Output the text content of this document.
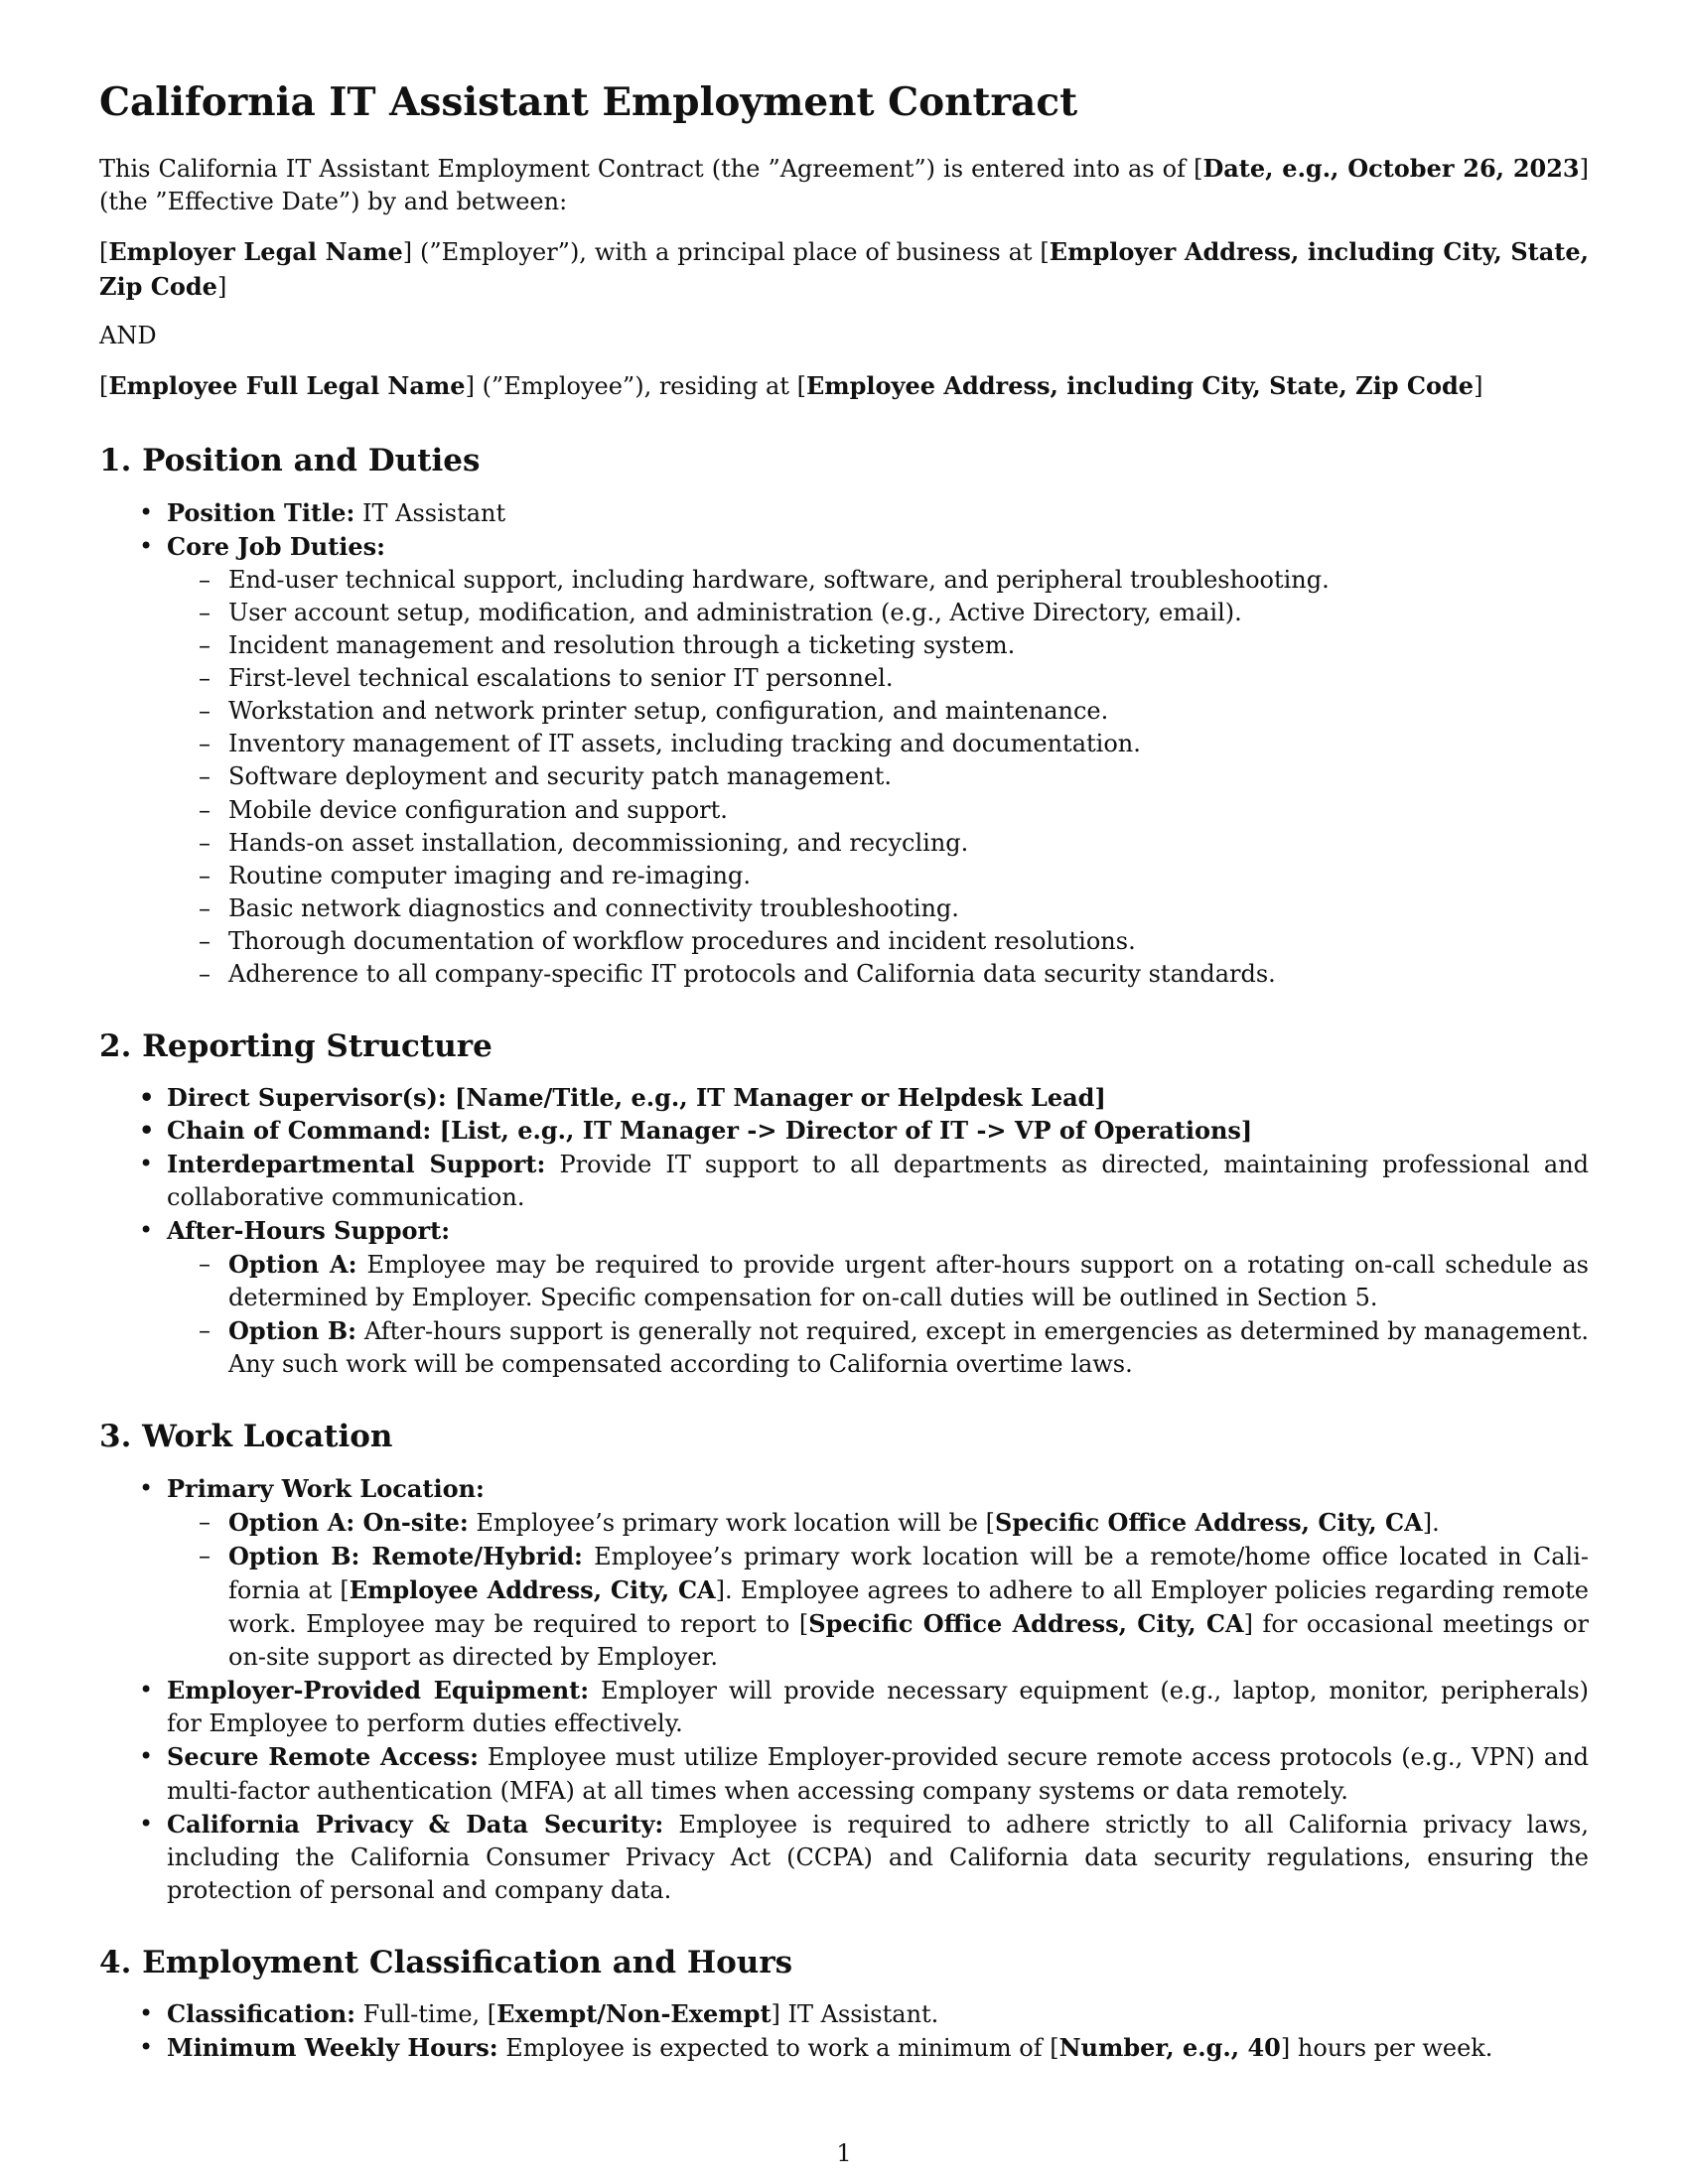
California IT Assistant Employment Contract

This California IT Assistant Employment Contract (the ”Agreement”) is entered into as of [Date, e.g., October 26, 2023] (the ”Effective Date”) by and between:

[Employer Legal Name] (”Employer”), with a principal place of business at [Employer Address, including City, State, Zip Code]

AND

[Employee Full Legal Name] (”Employee”), residing at [Employee Address, including City, State, Zip Code]

1. Position and Duties
• Position Title: IT Assistant
• Core Job Duties:
– End-user technical support, including hardware, software, and peripheral troubleshooting.
– User account setup, modification, and administration (e.g., Active Directory, email).
– Incident management and resolution through a ticketing system.
– First-level technical escalations to senior IT personnel.
– Workstation and network printer setup, configuration, and maintenance.
– Inventory management of IT assets, including tracking and documentation.
– Software deployment and security patch management.
– Mobile device configuration and support.
– Hands-on asset installation, decommissioning, and recycling.
– Routine computer imaging and re-imaging.
– Basic network diagnostics and connectivity troubleshooting.
– Thorough documentation of workflow procedures and incident resolutions.
– Adherence to all company-specific IT protocols and California data security standards.
2. Reporting Structure
• Direct Supervisor(s): [Name/Title, e.g., IT Manager or Helpdesk Lead]
• Chain of Command: [List, e.g., IT Manager -> Director of IT -> VP of Operations]
• Interdepartmental Support: Provide IT support to all departments as directed, maintaining professional and collaborative communication.
• After-Hours Support:
– Option A: Employee may be required to provide urgent after-hours support on a rotating on-call schedule as determined by Employer. Specific compensation for on-call duties will be outlined in Section 5.
– Option B: After-hours support is generally not required, except in emergencies as determined by management. Any such work will be compensated according to California overtime laws.
3. Work Location
• Primary Work Location:
– Option A: On-site: Employee’s primary work location will be [Specific Office Address, City, CA].
– Option B: Remote/Hybrid: Employee’s primary work location will be a remote/home office located in Cali-fornia at [Employee Address, City, CA]. Employee agrees to adhere to all Employer policies regarding remote work. Employee may be required to report to [Specific Office Address, City, CA] for occasional meetings or on-site support as directed by Employer.
• Employer-Provided Equipment: Employer will provide necessary equipment (e.g., laptop, monitor, peripherals) for Employee to perform duties effectively.
• Secure Remote Access: Employee must utilize Employer-provided secure remote access protocols (e.g., VPN) and multi-factor authentication (MFA) at all times when accessing company systems or data remotely.
• California Privacy & Data Security: Employee is required to adhere strictly to all California privacy laws, including the California Consumer Privacy Act (CCPA) and California data security regulations, ensuring the protection of personal and company data.
4. Employment Classification and Hours
• Classification: Full-time, [Exempt/Non-Exempt] IT Assistant.
• Minimum Weekly Hours: Employee is expected to work a minimum of [Number, e.g., 40] hours per week.
1
